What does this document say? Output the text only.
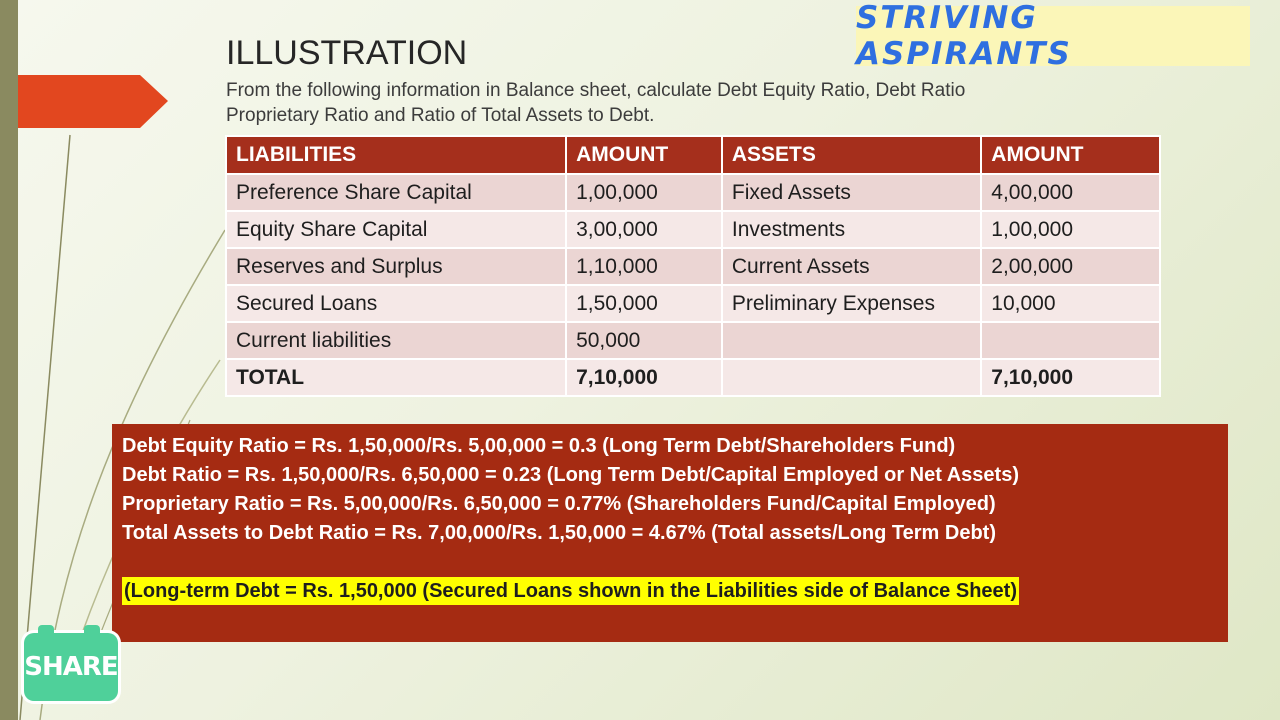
STRIVING ASPIRANTS
ILLUSTRATION
From the following information in Balance sheet, calculate Debt Equity Ratio, Debt Ratio
Proprietary Ratio and Ratio of Total Assets to Debt.
LIABILITIES	AMOUNT	ASSETS	AMOUNT
Preference Share Capital	1,00,000	Fixed Assets	4,00,000
Equity Share Capital	3,00,000	Investments	1,00,000
Reserves and Surplus	1,10,000	Current Assets	2,00,000
Secured Loans	1,50,000	Preliminary Expenses	10,000
Current liabilities	50,000		
TOTAL	7,10,000		7,10,000
Debt Equity Ratio = Rs. 1,50,000/Rs. 5,00,000 = 0.3 (Long Term Debt/Shareholders Fund)
Debt Ratio = Rs. 1,50,000/Rs. 6,50,000 = 0.23 (Long Term Debt/Capital Employed or Net Assets)
Proprietary Ratio = Rs. 5,00,000/Rs. 6,50,000 = 0.77% (Shareholders Fund/Capital Employed)
Total Assets to Debt Ratio = Rs. 7,00,000/Rs. 1,50,000 = 4.67% (Total assets/Long Term Debt)
(Long-term Debt = Rs. 1,50,000 (Secured Loans shown in the Liabilities side of Balance Sheet)
SHARE
